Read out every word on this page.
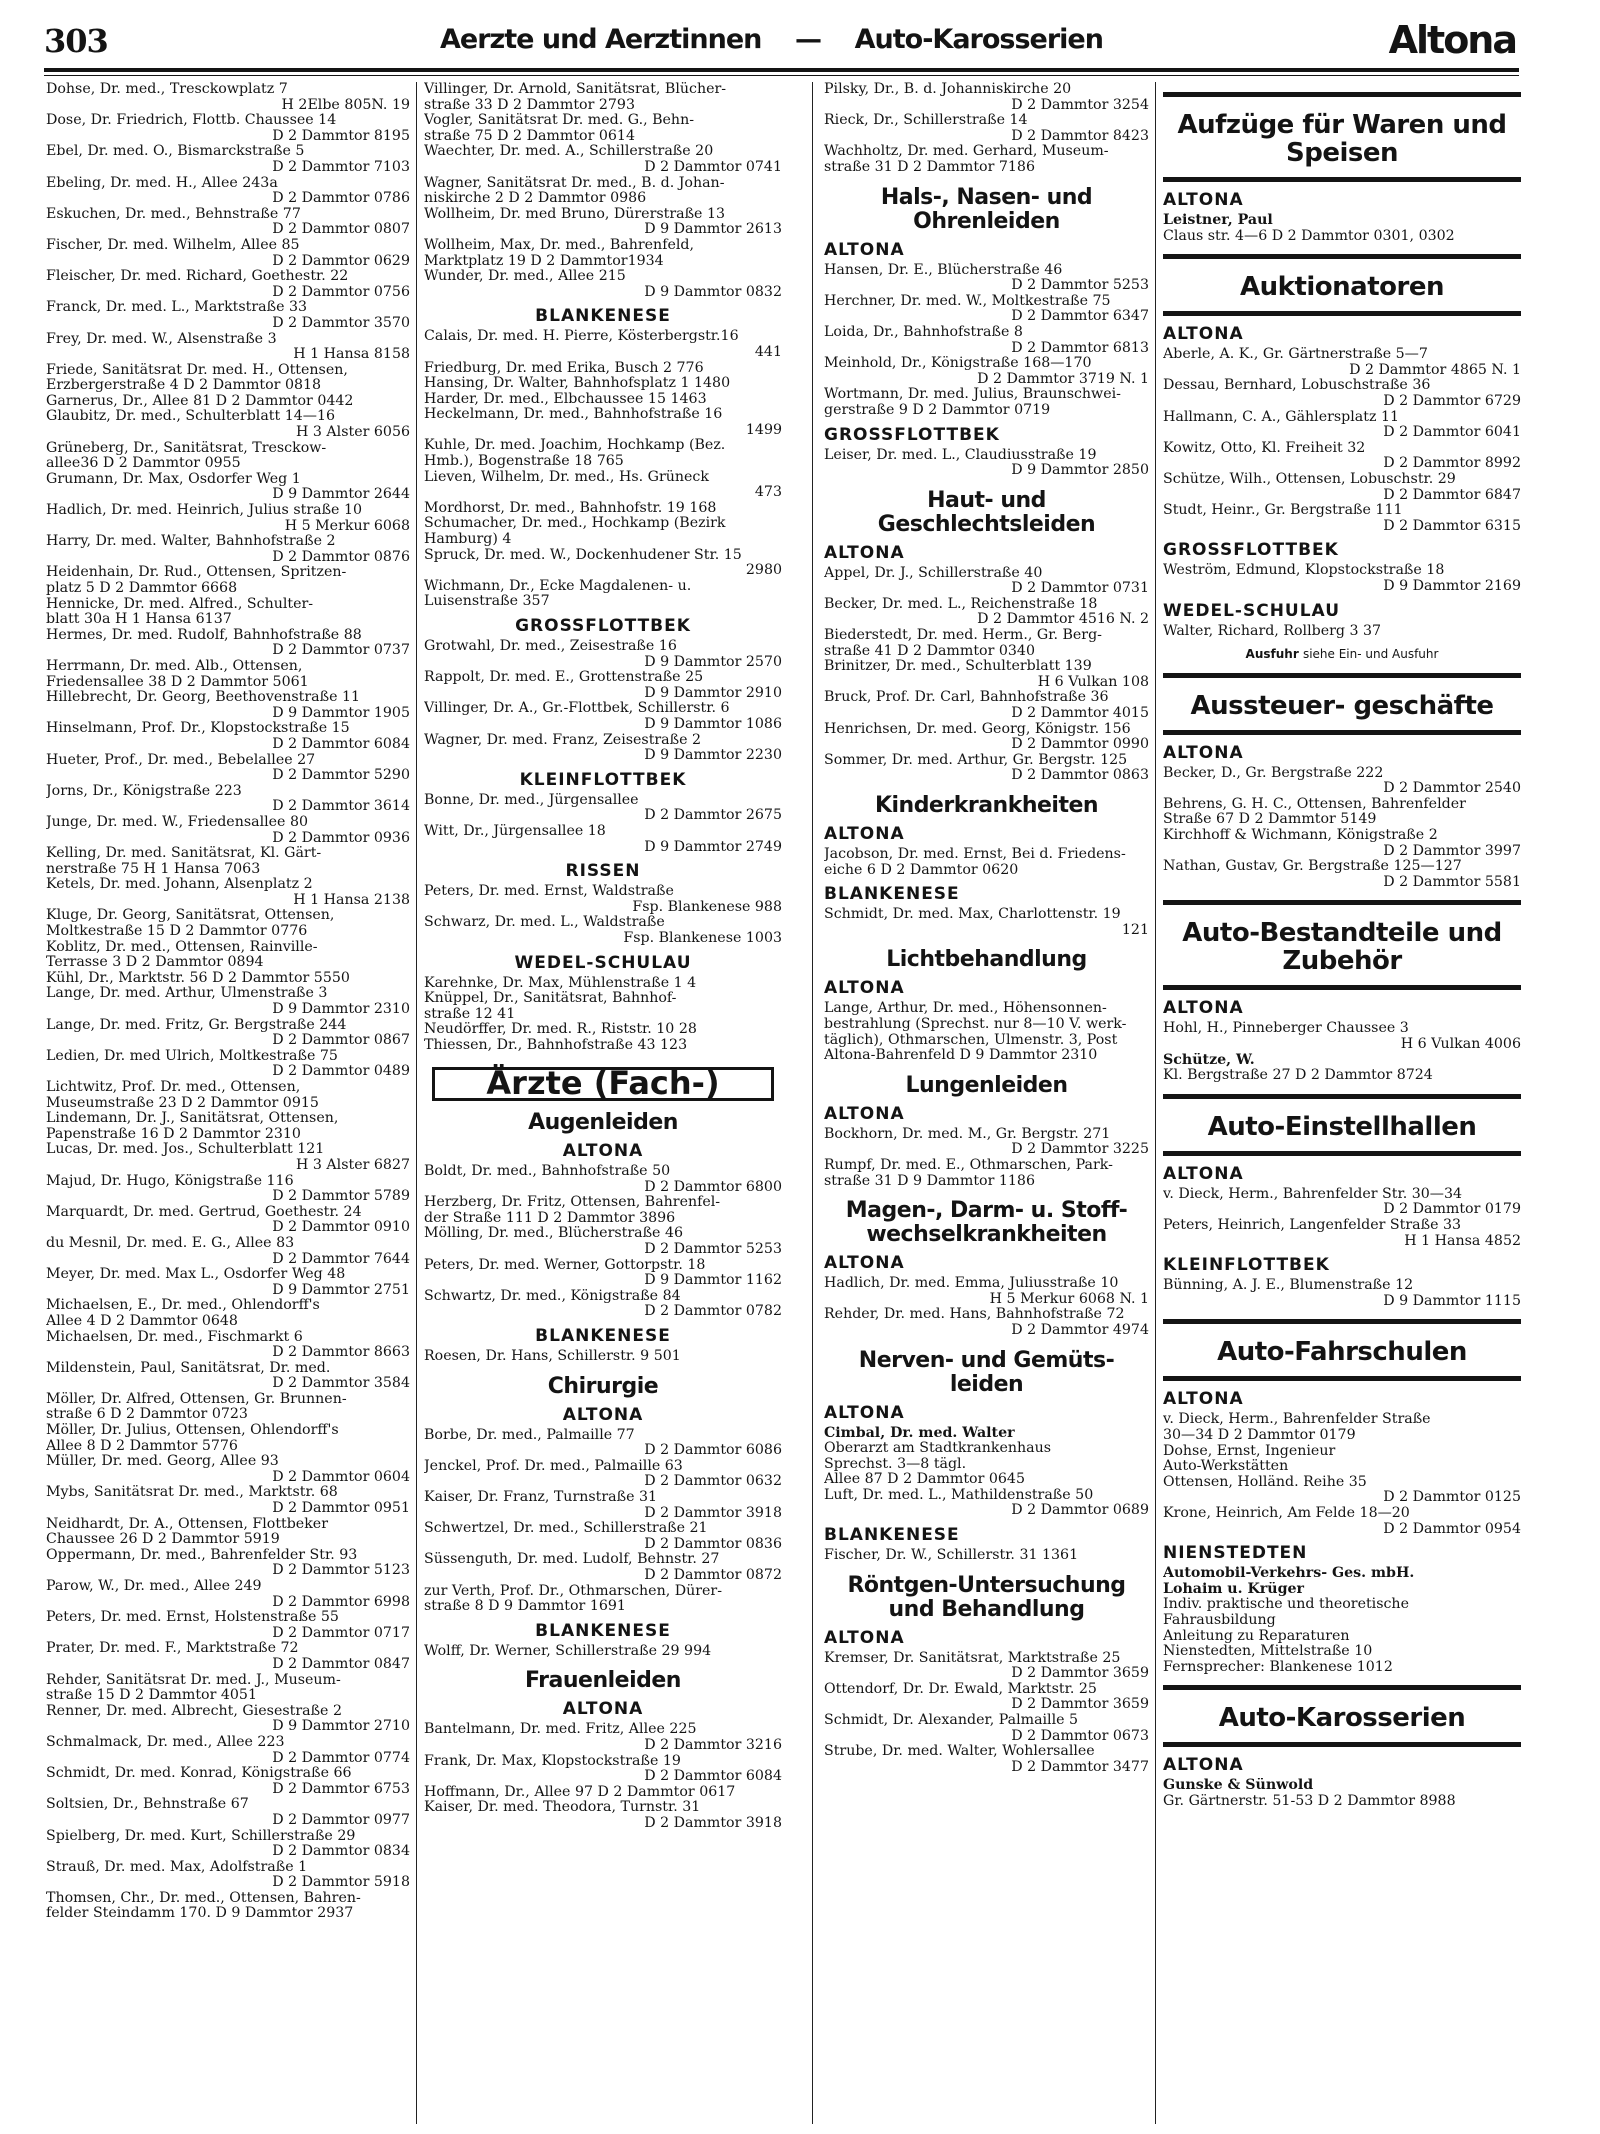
303	Aerzte und Aerztinnen — Auto-Karosserien	Altona
Dohse, Dr. med., Tresckowplatz 7
H 2Elbe 805N. 19
Dose, Dr. Friedrich, Flottb. Chaussee 14
D 2 Dammtor 8195
Ebel, Dr. med. O., Bismarckstraße 5
D 2 Dammtor 7103
Ebeling, Dr. med. H., Allee 243a
D 2 Dammtor 0786
Eskuchen, Dr. med., Behnstraße 77
D 2 Dammtor 0807
Fischer, Dr. med. Wilhelm, Allee 85
D 2 Dammtor 0629
Fleischer, Dr. med. Richard, Goethestr. 22
D 2 Dammtor 0756
Franck, Dr. med. L., Marktstraße 33
D 2 Dammtor 3570
Frey, Dr. med. W., Alsenstraße 3
H 1 Hansa 8158
Friede, Sanitätsrat Dr. med. H., Ottensen,
Erzbergerstraße 4 D 2 Dammtor 0818
Garnerus, Dr., Allee 81 D 2 Dammtor 0442
Glaubitz, Dr. med., Schulterblatt 14—16
H 3 Alster 6056
Grüneberg, Dr., Sanitätsrat, Tresckow-
allee36 D 2 Dammtor 0955
Grumann, Dr. Max, Osdorfer Weg 1
D 9 Dammtor 2644
Hadlich, Dr. med. Heinrich, Julius straße 10
H 5 Merkur 6068
Harry, Dr. med. Walter, Bahnhofstraße 2
D 2 Dammtor 0876
Heidenhain, Dr. Rud., Ottensen, Spritzen-
platz 5 D 2 Dammtor 6668
Hennicke, Dr. med. Alfred., Schulter-
blatt 30a H 1 Hansa 6137
Hermes, Dr. med. Rudolf, Bahnhofstraße 88
D 2 Dammtor 0737
Herrmann, Dr. med. Alb., Ottensen,
Friedensallee 38 D 2 Dammtor 5061
Hillebrecht, Dr. Georg, Beethovenstraße 11
D 9 Dammtor 1905
Hinselmann, Prof. Dr., Klopstockstraße 15
D 2 Dammtor 6084
Hueter, Prof., Dr. med., Bebelallee 27
D 2 Dammtor 5290
Jorns, Dr., Königstraße 223
D 2 Dammtor 3614
Junge, Dr. med. W., Friedensallee 80
D 2 Dammtor 0936
Kelling, Dr. med. Sanitätsrat, Kl. Gärt-
nerstraße 75 H 1 Hansa 7063
Ketels, Dr. med. Johann, Alsenplatz 2
H 1 Hansa 2138
Kluge, Dr. Georg, Sanitätsrat, Ottensen,
Moltkestraße 15 D 2 Dammtor 0776
Koblitz, Dr. med., Ottensen, Rainville-
Terrasse 3 D 2 Dammtor 0894
Kühl, Dr., Marktstr. 56 D 2 Dammtor 5550
Lange, Dr. med. Arthur, Ulmenstraße 3
D 9 Dammtor 2310
Lange, Dr. med. Fritz, Gr. Bergstraße 244
D 2 Dammtor 0867
Ledien, Dr. med Ulrich, Moltkestraße 75
D 2 Dammtor 0489
Lichtwitz, Prof. Dr. med., Ottensen,
Museumstraße 23 D 2 Dammtor 0915
Lindemann, Dr. J., Sanitätsrat, Ottensen,
Papenstraße 16 D 2 Dammtor 2310
Lucas, Dr. med. Jos., Schulterblatt 121
H 3 Alster 6827
Majud, Dr. Hugo, Königstraße 116
D 2 Dammtor 5789
Marquardt, Dr. med. Gertrud, Goethestr. 24
D 2 Dammtor 0910
du Mesnil, Dr. med. E. G., Allee 83
D 2 Dammtor 7644
Meyer, Dr. med. Max L., Osdorfer Weg 48
D 9 Dammtor 2751
Michaelsen, E., Dr. med., Ohlendorff's
Allee 4 D 2 Dammtor 0648
Michaelsen, Dr. med., Fischmarkt 6
D 2 Dammtor 8663
Mildenstein, Paul, Sanitätsrat, Dr. med.
D 2 Dammtor 3584
Möller, Dr. Alfred, Ottensen, Gr. Brunnen-
straße 6 D 2 Dammtor 0723
Möller, Dr. Julius, Ottensen, Ohlendorff's
Allee 8 D 2 Dammtor 5776
Müller, Dr. med. Georg, Allee 93
D 2 Dammtor 0604
Mybs, Sanitätsrat Dr. med., Marktstr. 68
D 2 Dammtor 0951
Neidhardt, Dr. A., Ottensen, Flottbeker
Chaussee 26 D 2 Dammtor 5919
Oppermann, Dr. med., Bahrenfelder Str. 93
D 2 Dammtor 5123
Parow, W., Dr. med., Allee 249
D 2 Dammtor 6998
Peters, Dr. med. Ernst, Holstenstraße 55
D 2 Dammtor 0717
Prater, Dr. med. F., Marktstraße 72
D 2 Dammtor 0847
Rehder, Sanitätsrat Dr. med. J., Museum-
straße 15 D 2 Dammtor 4051
Renner, Dr. med. Albrecht, Giesestraße 2
D 9 Dammtor 2710
Schmalmack, Dr. med., Allee 223
D 2 Dammtor 0774
Schmidt, Dr. med. Konrad, Königstraße 66
D 2 Dammtor 6753
Soltsien, Dr., Behnstraße 67
D 2 Dammtor 0977
Spielberg, Dr. med. Kurt, Schillerstraße 29
D 2 Dammtor 0834
Strauß, Dr. med. Max, Adolfstraße 1
D 2 Dammtor 5918
Thomsen, Chr., Dr. med., Ottensen, Bahren-
felder Steindamm 170. D 9 Dammtor 2937
Villinger, Dr. Arnold, Sanitätsrat, Blücher-
straße 33 D 2 Dammtor 2793
Vogler, Sanitätsrat Dr. med. G., Behn-
straße 75 D 2 Dammtor 0614
Waechter, Dr. med. A., Schillerstraße 20
D 2 Dammtor 0741
Wagner, Sanitätsrat Dr. med., B. d. Johan-
niskirche 2 D 2 Dammtor 0986
Wollheim, Dr. med Bruno, Dürerstraße 13
D 9 Dammtor 2613
Wollheim, Max, Dr. med., Bahrenfeld,
Marktplatz 19 D 2 Dammtor1934
Wunder, Dr. med., Allee 215
D 9 Dammtor 0832
BLANKENESE
Calais, Dr. med. H. Pierre, Kösterbergstr.16
441
Friedburg, Dr. med Erika, Busch 2 776
Hansing, Dr. Walter, Bahnhofsplatz 1 1480
Harder, Dr. med., Elbchaussee 15 1463
Heckelmann, Dr. med., Bahnhofstraße 16
1499
Kuhle, Dr. med. Joachim, Hochkamp (Bez.
Hmb.), Bogenstraße 18 765
Lieven, Wilhelm, Dr. med., Hs. Grüneck
473
Mordhorst, Dr. med., Bahnhofstr. 19 168
Schumacher, Dr. med., Hochkamp (Bezirk
Hamburg) 4
Spruck, Dr. med. W., Dockenhudener Str. 15
2980
Wichmann, Dr., Ecke Magdalenen- u.
Luisenstraße 357
GROSSFLOTTBEK
Grotwahl, Dr. med., Zeisestraße 16
D 9 Dammtor 2570
Rappolt, Dr. med. E., Grottenstraße 25
D 9 Dammtor 2910
Villinger, Dr. A., Gr.-Flottbek, Schillerstr. 6
D 9 Dammtor 1086
Wagner, Dr. med. Franz, Zeisestraße 2
D 9 Dammtor 2230
KLEINFLOTTBEK
Bonne, Dr. med., Jürgensallee
D 2 Dammtor 2675
Witt, Dr., Jürgensallee 18
D 9 Dammtor 2749
RISSEN
Peters, Dr. med. Ernst, Waldstraße
Fsp. Blankenese 988
Schwarz, Dr. med. L., Waldstraße
Fsp. Blankenese 1003
WEDEL-SCHULAU
Karehnke, Dr. Max, Mühlenstraße 1 4
Knüppel, Dr., Sanitätsrat, Bahnhof-
straße 12 41
Neudörffer, Dr. med. R., Riststr. 10 28
Thiessen, Dr., Bahnhofstraße 43 123
Ärzte (Fach-)
Augenleiden
ALTONA
Boldt, Dr. med., Bahnhofstraße 50
D 2 Dammtor 6800
Herzberg, Dr. Fritz, Ottensen, Bahrenfel-
der Straße 111 D 2 Dammtor 3896
Mölling, Dr. med., Blücherstraße 46
D 2 Dammtor 5253
Peters, Dr. med. Werner, Gottorpstr. 18
D 9 Dammtor 1162
Schwartz, Dr. med., Königstraße 84
D 2 Dammtor 0782
BLANKENESE
Roesen, Dr. Hans, Schillerstr. 9 501
Chirurgie
ALTONA
Borbe, Dr. med., Palmaille 77
D 2 Dammtor 6086
Jenckel, Prof. Dr. med., Palmaille 63
D 2 Dammtor 0632
Kaiser, Dr. Franz, Turnstraße 31
D 2 Dammtor 3918
Schwertzel, Dr. med., Schillerstraße 21
D 2 Dammtor 0836
Süssenguth, Dr. med. Ludolf, Behnstr. 27
D 2 Dammtor 0872
zur Verth, Prof. Dr., Othmarschen, Dürer-
straße 8 D 9 Dammtor 1691
BLANKENESE
Wolff, Dr. Werner, Schillerstraße 29 994
Frauenleiden
ALTONA
Bantelmann, Dr. med. Fritz, Allee 225
D 2 Dammtor 3216
Frank, Dr. Max, Klopstockstraße 19
D 2 Dammtor 6084
Hoffmann, Dr., Allee 97 D 2 Dammtor 0617
Kaiser, Dr. med. Theodora, Turnstr. 31
D 2 Dammtor 3918
Pilsky, Dr., B. d. Johanniskirche 20
D 2 Dammtor 3254
Rieck, Dr., Schillerstraße 14
D 2 Dammtor 8423
Wachholtz, Dr. med. Gerhard, Museum-
straße 31 D 2 Dammtor 7186
Hals-, Nasen- und Ohrenleiden
ALTONA
Hansen, Dr. E., Blücherstraße 46
D 2 Dammtor 5253
Herchner, Dr. med. W., Moltkestraße 75
D 2 Dammtor 6347
Loida, Dr., Bahnhofstraße 8
D 2 Dammtor 6813
Meinhold, Dr., Königstraße 168—170
D 2 Dammtor 3719 N. 1
Wortmann, Dr. med. Julius, Braunschwei-
gerstraße 9 D 2 Dammtor 0719
GROSSFLOTTBEK
Leiser, Dr. med. L., Claudiusstraße 19
D 9 Dammtor 2850
Haut- und Geschlechtsleiden
ALTONA
Appel, Dr. J., Schillerstraße 40
D 2 Dammtor 0731
Becker, Dr. med. L., Reichenstraße 18
D 2 Dammtor 4516 N. 2
Biederstedt, Dr. med. Herm., Gr. Berg-
straße 41 D 2 Dammtor 0340
Brinitzer, Dr. med., Schulterblatt 139
H 6 Vulkan 108
Bruck, Prof. Dr. Carl, Bahnhofstraße 36
D 2 Dammtor 4015
Henrichsen, Dr. med. Georg, Königstr. 156
D 2 Dammtor 0990
Sommer, Dr. med. Arthur, Gr. Bergstr. 125
D 2 Dammtor 0863
Kinderkrankheiten
ALTONA
Jacobson, Dr. med. Ernst, Bei d. Friedens-
eiche 6 D 2 Dammtor 0620
BLANKENESE
Schmidt, Dr. med. Max, Charlottenstr. 19
121
Lichtbehandlung
ALTONA
Lange, Arthur, Dr. med., Höhensonnen-
bestrahlung (Sprechst. nur 8—10 V. werk-
täglich), Othmarschen, Ulmenstr. 3, Post
Altona-Bahrenfeld D 9 Dammtor 2310
Lungenleiden
ALTONA
Bockhorn, Dr. med. M., Gr. Bergstr. 271
D 2 Dammtor 3225
Rumpf, Dr. med. E., Othmarschen, Park-
straße 31 D 9 Dammtor 1186
Magen-, Darm- u. Stoff- wechselkrankheiten
ALTONA
Hadlich, Dr. med. Emma, Juliusstraße 10
H 5 Merkur 6068 N. 1
Rehder, Dr. med. Hans, Bahnhofstraße 72
D 2 Dammtor 4974
Nerven- und Gemüts- leiden
ALTONA
Cimbal, Dr. med. Walter
Oberarzt am Stadtkrankenhaus
Sprechst. 3—8 tägl.
Allee 87 D 2 Dammtor 0645
Luft, Dr. med. L., Mathildenstraße 50
D 2 Dammtor 0689
BLANKENESE
Fischer, Dr. W., Schillerstr. 31 1361
Röntgen-Untersuchung und Behandlung
ALTONA
Kremser, Dr. Sanitätsrat, Marktstraße 25
D 2 Dammtor 3659
Ottendorf, Dr. Dr. Ewald, Marktstr. 25
D 2 Dammtor 3659
Schmidt, Dr. Alexander, Palmaille 5
D 2 Dammtor 0673
Strube, Dr. med. Walter, Wohlersallee
D 2 Dammtor 3477
Aufzüge für Waren und Speisen
ALTONA
Leistner, Paul
Claus str. 4—6 D 2 Dammtor 0301, 0302
Auktionatoren
ALTONA
Aberle, A. K., Gr. Gärtnerstraße 5—7
D 2 Dammtor 4865 N. 1
Dessau, Bernhard, Lobuschstraße 36
D 2 Dammtor 6729
Hallmann, C. A., Gählersplatz 11
D 2 Dammtor 6041
Kowitz, Otto, Kl. Freiheit 32
D 2 Dammtor 8992
Schütze, Wilh., Ottensen, Lobuschstr. 29
D 2 Dammtor 6847
Studt, Heinr., Gr. Bergstraße 111
D 2 Dammtor 6315
GROSSFLOTTBEK
Weström, Edmund, Klopstockstraße 18
D 9 Dammtor 2169
WEDEL-SCHULAU
Walter, Richard, Rollberg 3 37
Ausfuhr siehe Ein- und Ausfuhr
Aussteuer- geschäfte
ALTONA
Becker, D., Gr. Bergstraße 222
D 2 Dammtor 2540
Behrens, G. H. C., Ottensen, Bahrenfelder
Straße 67 D 2 Dammtor 5149
Kirchhoff & Wichmann, Königstraße 2
D 2 Dammtor 3997
Nathan, Gustav, Gr. Bergstraße 125—127
D 2 Dammtor 5581
Auto-Bestandteile und Zubehör
ALTONA
Hohl, H., Pinneberger Chaussee 3
H 6 Vulkan 4006
Schütze, W.
Kl. Bergstraße 27 D 2 Dammtor 8724
Auto-Einstellhallen
ALTONA
v. Dieck, Herm., Bahrenfelder Str. 30—34
D 2 Dammtor 0179
Peters, Heinrich, Langenfelder Straße 33
H 1 Hansa 4852
KLEINFLOTTBEK
Bünning, A. J. E., Blumenstraße 12
D 9 Dammtor 1115
Auto-Fahrschulen
ALTONA
v. Dieck, Herm., Bahrenfelder Straße
30—34 D 2 Dammtor 0179
Dohse, Ernst, Ingenieur
Auto-Werkstätten
Ottensen, Holländ. Reihe 35
D 2 Dammtor 0125
Krone, Heinrich, Am Felde 18—20
D 2 Dammtor 0954
NIENSTEDTEN
Automobil-Verkehrs- Ges. mbH.
Lohaim u. Krüger
Indiv. praktische und theoretische
Fahrausbildung
Anleitung zu Reparaturen
Nienstedten, Mittelstraße 10
Fernsprecher: Blankenese 1012
Auto-Karosserien
ALTONA
Gunske & Sünwold
Gr. Gärtnerstr. 51-53 D 2 Dammtor 8988
